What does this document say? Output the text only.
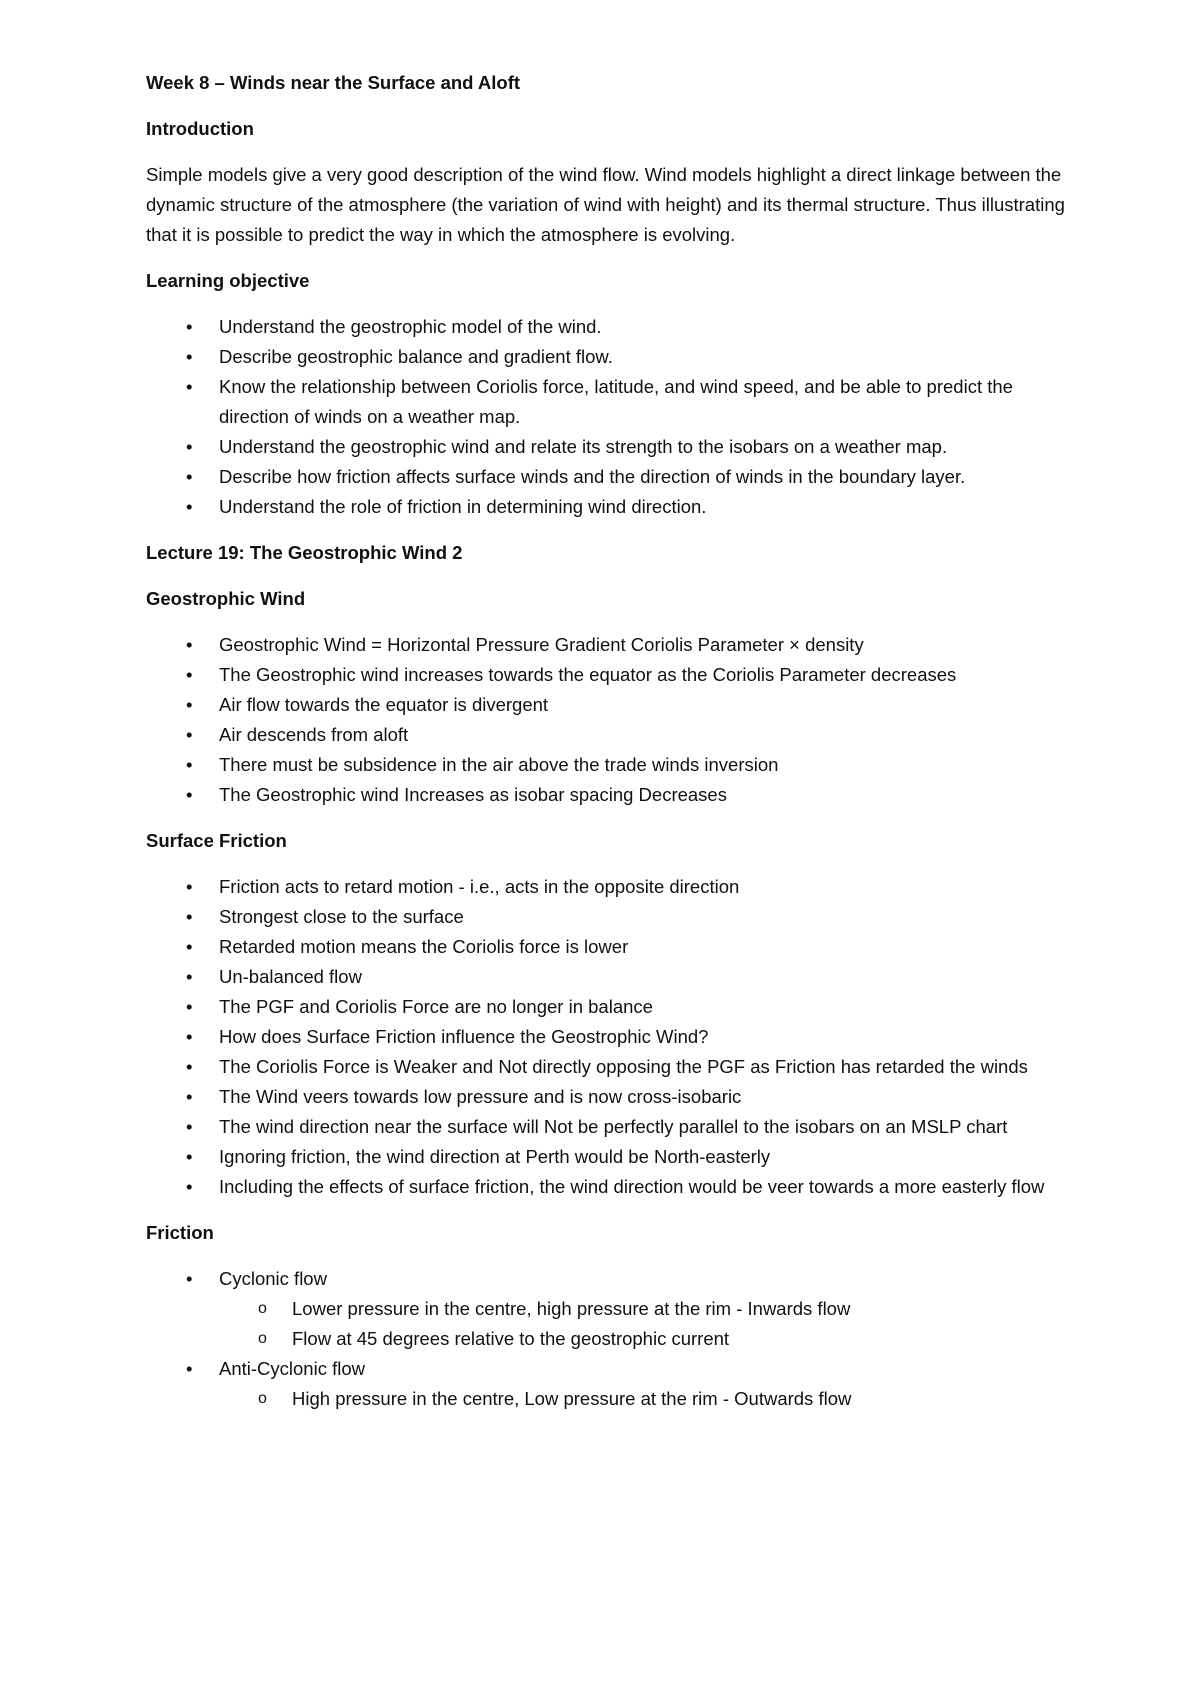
Week 8 – Winds near the Surface and Aloft
Introduction
Simple models give a very good description of the wind flow. Wind models highlight a direct linkage between the dynamic structure of the atmosphere (the variation of wind with height) and its thermal structure. Thus illustrating that it is possible to predict the way in which the atmosphere is evolving.
Learning objective
• Understand the geostrophic model of the wind.
• Describe geostrophic balance and gradient flow.
• Know the relationship between Coriolis force, latitude, and wind speed, and be able to predict the direction of winds on a weather map.
• Understand the geostrophic wind and relate its strength to the isobars on a weather map.
• Describe how friction affects surface winds and the direction of winds in the boundary layer.
• Understand the role of friction in determining wind direction.
Lecture 19: The Geostrophic Wind 2
Geostrophic Wind
• Geostrophic Wind = Horizontal Pressure Gradient Coriolis Parameter × density
• The Geostrophic wind increases towards the equator as the Coriolis Parameter decreases
• Air flow towards the equator is divergent
• Air descends from aloft
• There must be subsidence in the air above the trade winds inversion
• The Geostrophic wind Increases as isobar spacing Decreases
Surface Friction
• Friction acts to retard motion - i.e., acts in the opposite direction
• Strongest close to the surface
• Retarded motion means the Coriolis force is lower
• Un-balanced flow
• The PGF and Coriolis Force are no longer in balance
• How does Surface Friction influence the Geostrophic Wind?
• The Coriolis Force is Weaker and Not directly opposing the PGF as Friction has retarded the winds
• The Wind veers towards low pressure and is now cross-isobaric
• The wind direction near the surface will Not be perfectly parallel to the isobars on an MSLP chart
• Ignoring friction, the wind direction at Perth would be North-easterly
• Including the effects of surface friction, the wind direction would be veer towards a more easterly flow
Friction
• Cyclonic flow
o Lower pressure in the centre, high pressure at the rim - Inwards flow
o Flow at 45 degrees relative to the geostrophic current
• Anti-Cyclonic flow
o High pressure in the centre, Low pressure at the rim - Outwards flow
